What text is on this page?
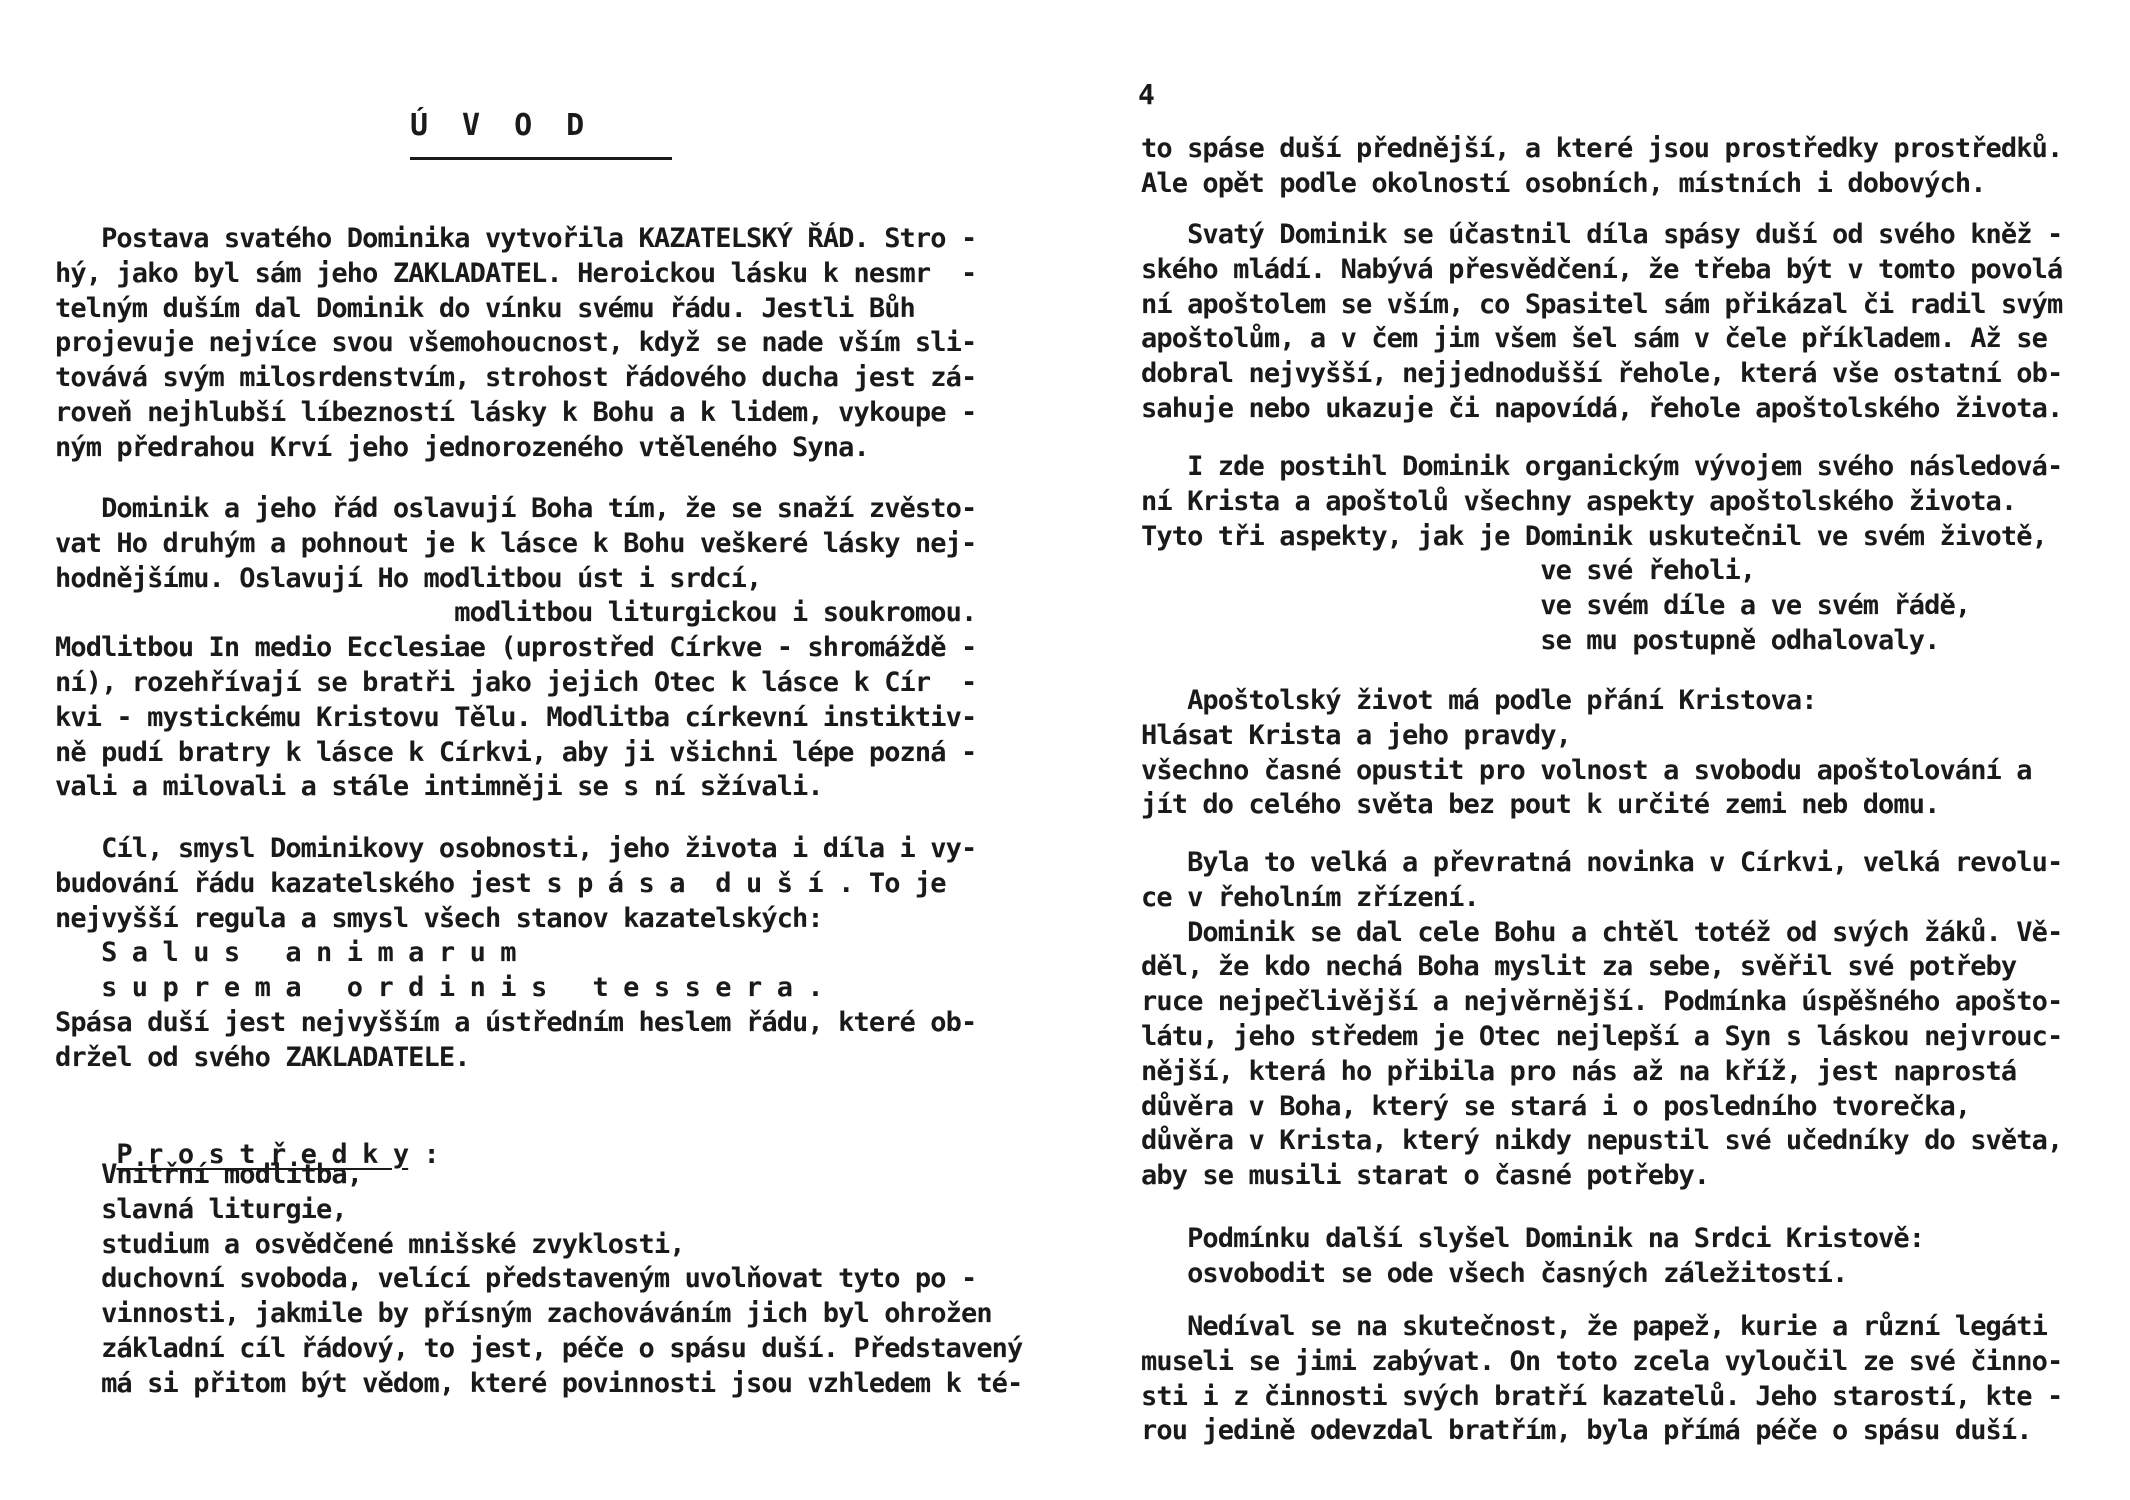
ÚVOD
Postava svatého Dominika vytvořila KAZATELSKÝ ŘÁD. Stro -
hý, jako byl sám jeho ZAKLADATEL. Heroickou lásku k nesmr  -
telným duším dal Dominik do vínku svému řádu. Jestli Bůh
projevuje nejvíce svou všemohoucnost, když se nade vším sli-
tovává svým milosrdenstvím, strohost řádového ducha jest zá-
roveň nejhlubší líbezností lásky k Bohu a k lidem, vykoupe -
ným předrahou Krví jeho jednorozeného vtěleného Syna.
Dominik a jeho řád oslavují Boha tím, že se snaží zvěsto-
vat Ho druhým a pohnout je k lásce k Bohu veškeré lásky nej-
hodnějšímu. Oslavují Ho modlitbou úst i srdcí,
modlitbou liturgickou i soukromou.
Modlitbou In medio Ecclesiae (uprostřed Církve - shromáždě -
ní), rozehřívají se bratři jako jejich Otec k lásce k Cír  -
kvi - mystickému Kristovu Tělu. Modlitba církevní instiktiv-
ně pudí bratry k lásce k Církvi, aby ji všichni lépe pozná -
vali a milovali a stále intimněji se s ní sžívali.
Cíl, smysl Dominikovy osobnosti, jeho života i díla i vy-
budování řádu kazatelského jest s p á s a  d u š í . To je
nejvyšší regula a smysl všech stanov kazatelských:
S a l u s   a n i m a r u m
s u p r e m a   o r d i n i s   t e s s e r a .
Spása duší jest nejvyšším a ústředním heslem řádu, které ob-
držel od svého ZAKLADATELE.

P r o s t ř e d k y :

Vnitřní modlitba,
slavná liturgie,
studium a osvědčené mnišské zvyklosti,
duchovní svoboda, velící představeným uvolňovat tyto po -
vinnosti, jakmile by přísným zachováváním jich byl ohrožen
základní cíl řádový, to jest, péče o spásu duší. Představený
má si přitom být vědom, které povinnosti jsou vzhledem k té-
4
to spáse duší přednější, a které jsou prostředky prostředků.
Ale opět podle okolností osobních, místních i dobových.
Svatý Dominik se účastnil díla spásy duší od svého kněž -
ského mládí. Nabývá přesvědčení, že třeba být v tomto povolá
ní apoštolem se vším, co Spasitel sám přikázal či radil svým
apoštolům, a v čem jim všem šel sám v čele příkladem. Až se
dobral nejvyšší, nejjednodušší řehole, která vše ostatní ob-
sahuje nebo ukazuje či napovídá, řehole apoštolského života.
I zde postihl Dominik organickým vývojem svého následová-
ní Krista a apoštolů všechny aspekty apoštolského života.
Tyto tři aspekty, jak je Dominik uskutečnil ve svém životě,
ve své řeholi,
ve svém díle a ve svém řádě,
se mu postupně odhalovaly.
Apoštolský život má podle přání Kristova:
Hlásat Krista a jeho pravdy,
všechno časné opustit pro volnost a svobodu apoštolování a
jít do celého světa bez pout k určité zemi neb domu.
Byla to velká a převratná novinka v Církvi, velká revolu-
ce v řeholním zřízení.
Dominik se dal cele Bohu a chtěl totéž od svých žáků. Vě-
děl, že kdo nechá Boha myslit za sebe, svěřil své potřeby
ruce nejpečlivější a nejvěrnější. Podmínka úspěšného apošto-
látu, jeho středem je Otec nejlepší a Syn s láskou nejvrouc-
nější, která ho přibila pro nás až na kříž, jest naprostá
důvěra v Boha, který se stará i o posledního tvorečka,
důvěra v Krista, který nikdy nepustil své učedníky do světa,
aby se musili starat o časné potřeby.
Podmínku další slyšel Dominik na Srdci Kristově:
osvobodit se ode všech časných záležitostí.
Nedíval se na skutečnost, že papež, kurie a různí legáti
museli se jimi zabývat. On toto zcela vyloučil ze své činno-
sti i z činnosti svých bratří kazatelů. Jeho starostí, kte -
rou jedině odevzdal bratřím, byla přímá péče o spásu duší.
